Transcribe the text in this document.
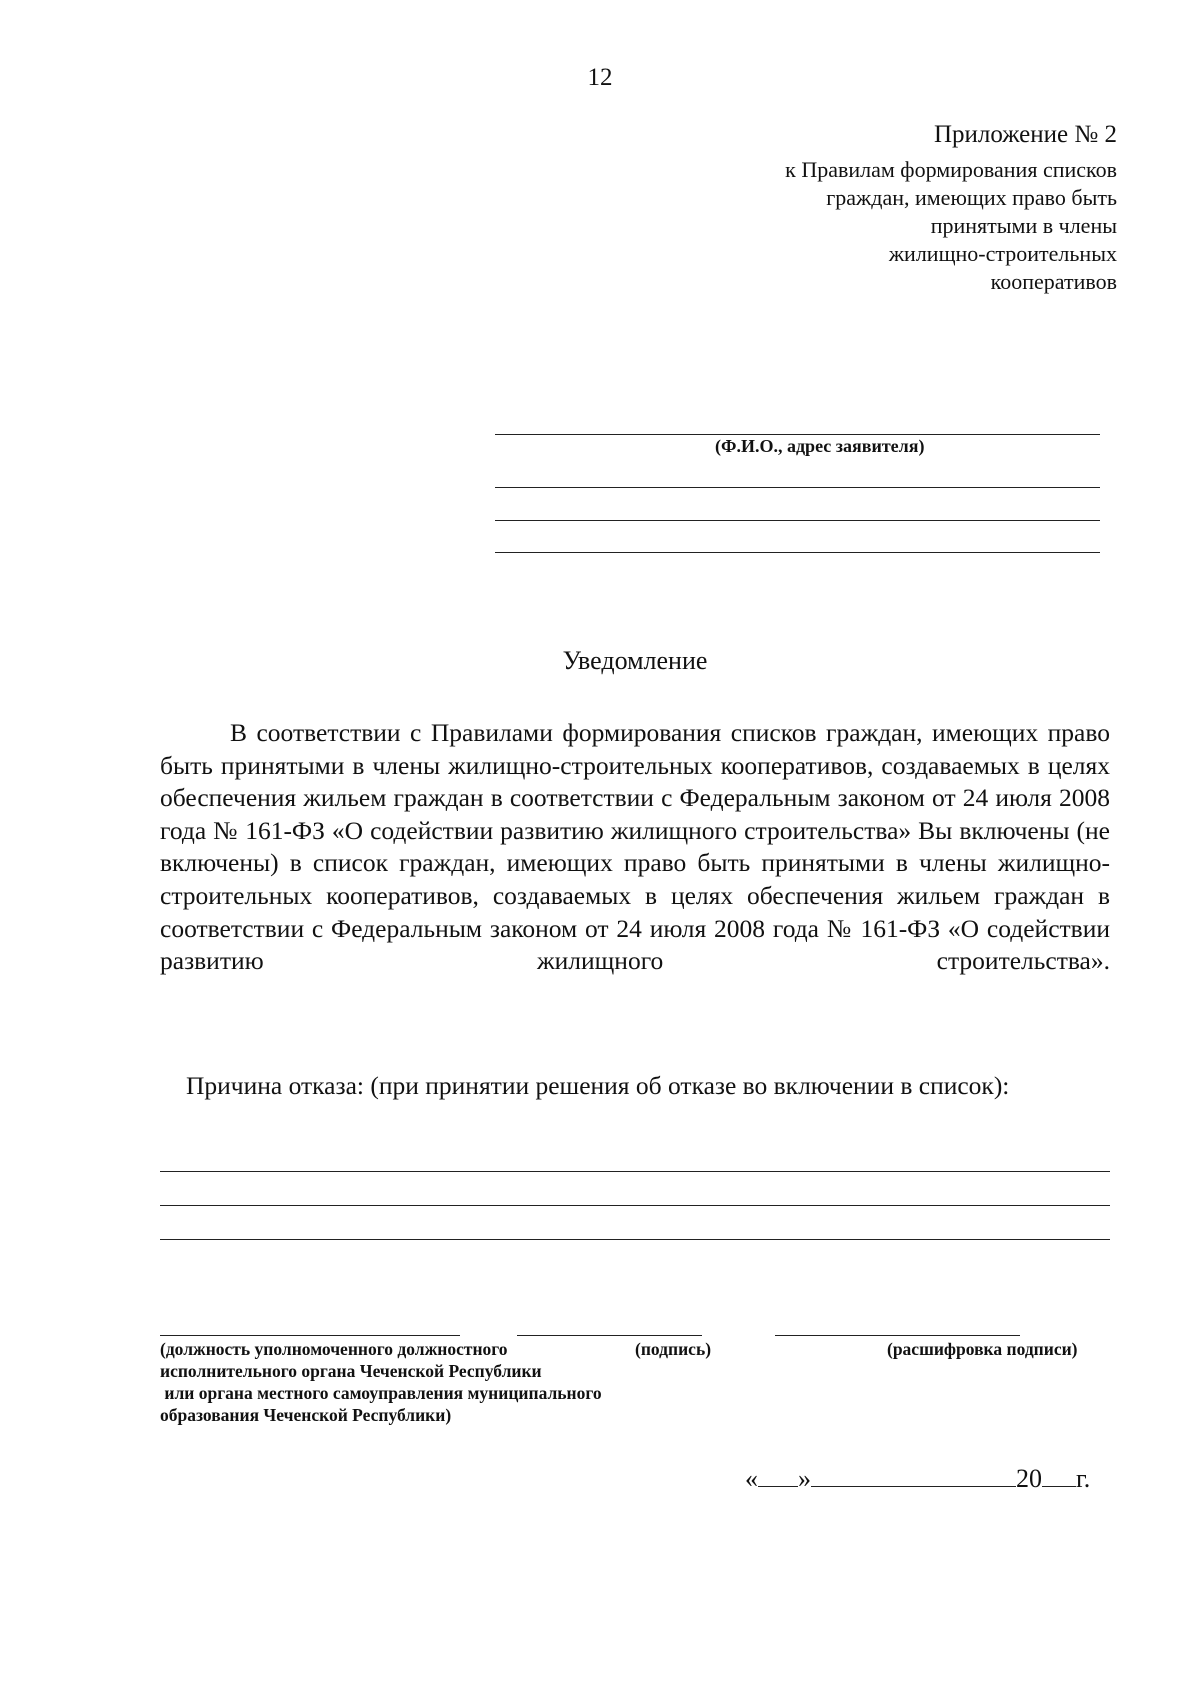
12
Приложение № 2
к Правилам формирования списков
граждан, имеющих право быть
принятыми в члены
жилищно-строительных
кооперативов
(Ф.И.О., адрес заявителя)
Уведомление
В соответствии с Правилами формирования списков граждан, имеющих право быть принятыми в члены жилищно-строительных кооперативов, создаваемых в целях обеспечения жильем граждан в соответствии с Федеральным законом от 24 июля 2008 года № 161-ФЗ «О содействии развитию жилищного строительства» Вы включены (не включены) в список граждан, имеющих право быть принятыми в члены жилищно-строительных кооперативов, создаваемых в целях обеспечения жильем граждан в соответствии с Федеральным законом от 24 июля 2008 года № 161-ФЗ «О содействии развитию жилищного строительства».
Причина отказа: (при принятии решения об отказе во включении в список):
(должность уполномоченного должностного
исполнительного органа Чеченской Республики
или органа местного самоуправления муниципального
образования Чеченской Республики)
(подпись)	(расшифровка подписи)
« »	20 г.
